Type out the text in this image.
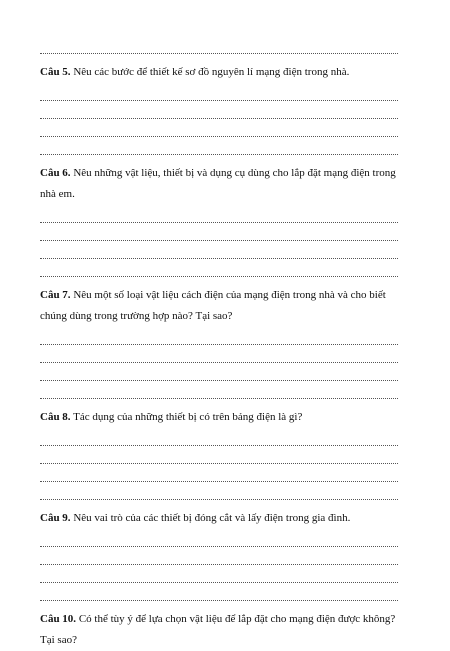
Câu 5. Nêu các bước để thiết kế sơ đồ nguyên lí mạng điện trong nhà.
Câu 6. Nêu những vật liệu, thiết bị và dụng cụ dùng cho lắp đặt mạng điện trong nhà em.
Câu 7. Nêu một số loại vật liệu cách điện của mạng điện trong nhà và cho biết chúng dùng trong trường hợp nào? Tại sao?
Câu 8. Tác dụng của những thiết bị có trên bảng điện là gì?
Câu 9. Nêu vai trò của các thiết bị đóng cắt và lấy điện trong gia đình.
Câu 10. Có thể tùy ý để lựa chọn vật liệu để lắp đặt cho mạng điện được không? Tại sao?
